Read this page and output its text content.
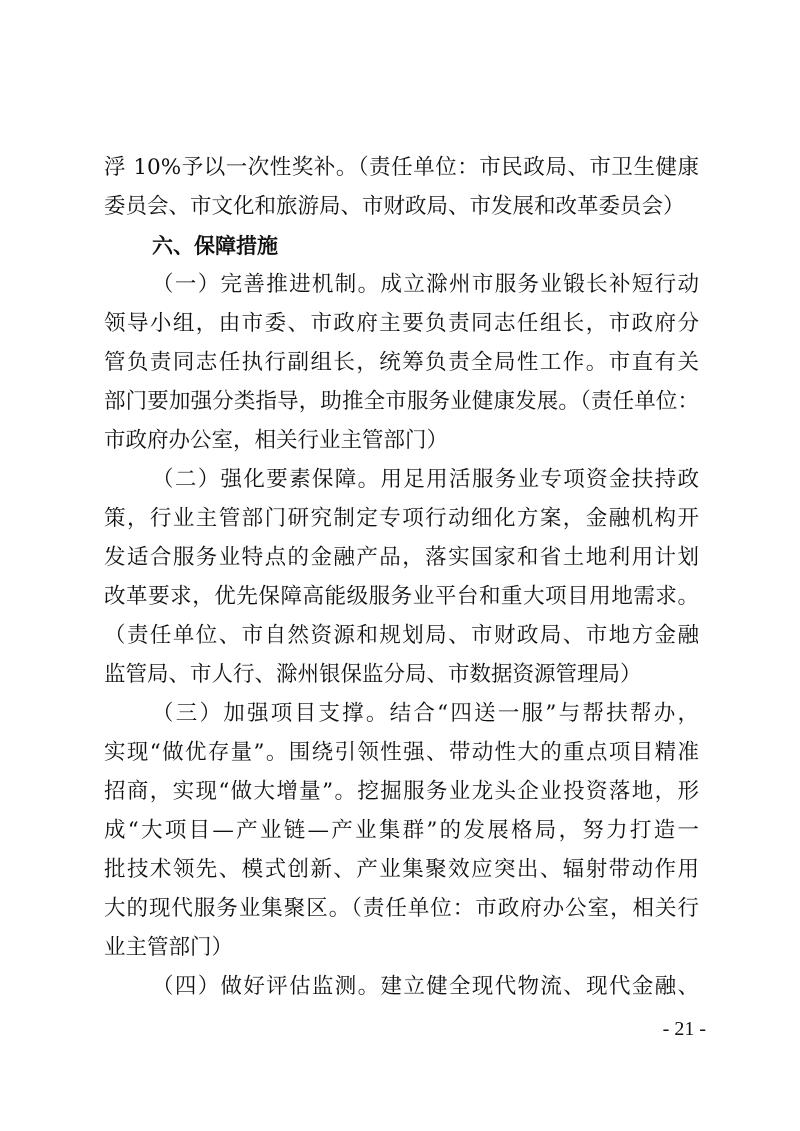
浮 10%予以一次性奖补。（责任单位：市民政局、市卫生健康
委员会、市文化和旅游局、市财政局、市发展和改革委员会）
六、保障措施
（一）完善推进机制。成立滁州市服务业锻长补短行动
领导小组，由市委、市政府主要负责同志任组长，市政府分
管负责同志任执行副组长，统筹负责全局性工作。市直有关
部门要加强分类指导，助推全市服务业健康发展。（责任单位：
市政府办公室，相关行业主管部门）
（二）强化要素保障。用足用活服务业专项资金扶持政
策，行业主管部门研究制定专项行动细化方案，金融机构开
发适合服务业特点的金融产品，落实国家和省土地利用计划
改革要求，优先保障高能级服务业平台和重大项目用地需求。
（责任单位、市自然资源和规划局、市财政局、市地方金融
监管局、市人行、滁州银保监分局、市数据资源管理局）
（三）加强项目支撑。结合“四送一服”与帮扶帮办，
实现“做优存量”。围绕引领性强、带动性大的重点项目精准
招商，实现“做大增量”。挖掘服务业龙头企业投资落地，形
成“大项目—产业链—产业集群”的发展格局，努力打造一
批技术领先、模式创新、产业集聚效应突出、辐射带动作用
大的现代服务业集聚区。（责任单位：市政府办公室，相关行
业主管部门）
（四）做好评估监测。建立健全现代物流、现代金融、
- 21 -
